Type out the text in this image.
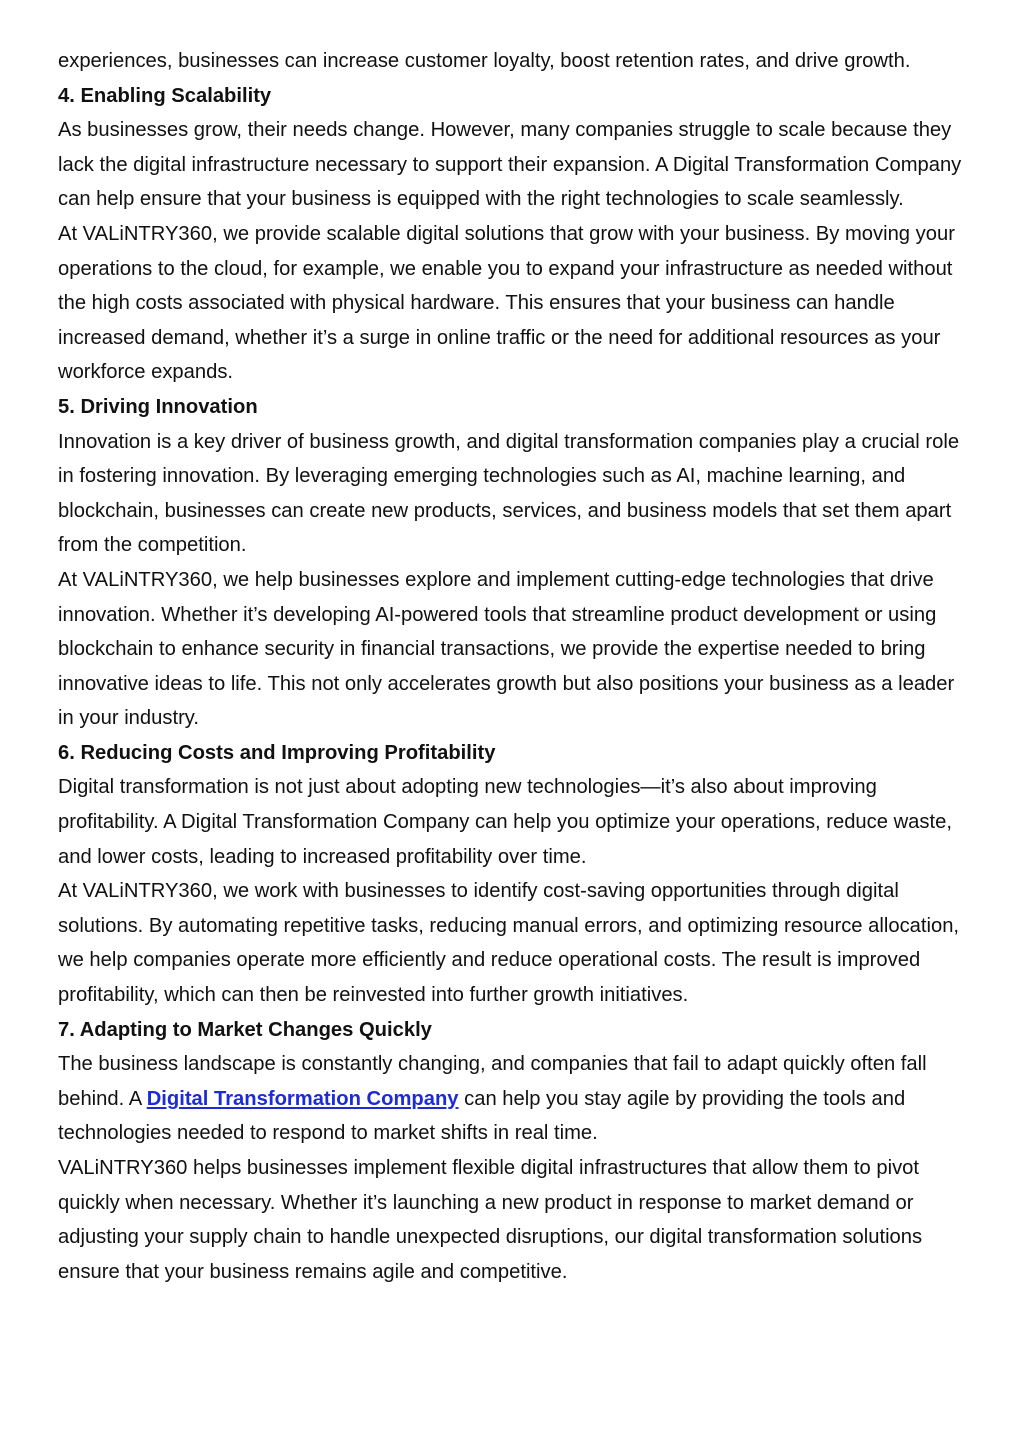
experiences, businesses can increase customer loyalty, boost retention rates, and drive growth.

4. Enabling Scalability

As businesses grow, their needs change. However, many companies struggle to scale because they lack the digital infrastructure necessary to support their expansion. A Digital Transformation Company can help ensure that your business is equipped with the right technologies to scale seamlessly.

At VALiNTRY360, we provide scalable digital solutions that grow with your business. By moving your operations to the cloud, for example, we enable you to expand your infrastructure as needed without the high costs associated with physical hardware. This ensures that your business can handle increased demand, whether it’s a surge in online traffic or the need for additional resources as your workforce expands.

5. Driving Innovation

Innovation is a key driver of business growth, and digital transformation companies play a crucial role in fostering innovation. By leveraging emerging technologies such as AI, machine learning, and blockchain, businesses can create new products, services, and business models that set them apart from the competition.

At VALiNTRY360, we help businesses explore and implement cutting-edge technologies that drive innovation. Whether it’s developing AI-powered tools that streamline product development or using blockchain to enhance security in financial transactions, we provide the expertise needed to bring innovative ideas to life. This not only accelerates growth but also positions your business as a leader in your industry.

6. Reducing Costs and Improving Profitability

Digital transformation is not just about adopting new technologies—it’s also about improving profitability. A Digital Transformation Company can help you optimize your operations, reduce waste, and lower costs, leading to increased profitability over time.

At VALiNTRY360, we work with businesses to identify cost-saving opportunities through digital solutions. By automating repetitive tasks, reducing manual errors, and optimizing resource allocation, we help companies operate more efficiently and reduce operational costs. The result is improved profitability, which can then be reinvested into further growth initiatives.

7. Adapting to Market Changes Quickly

The business landscape is constantly changing, and companies that fail to adapt quickly often fall behind. A Digital Transformation Company can help you stay agile by providing the tools and technologies needed to respond to market shifts in real time.

VALiNTRY360 helps businesses implement flexible digital infrastructures that allow them to pivot quickly when necessary. Whether it’s launching a new product in response to market demand or adjusting your supply chain to handle unexpected disruptions, our digital transformation solutions ensure that your business remains agile and competitive.
